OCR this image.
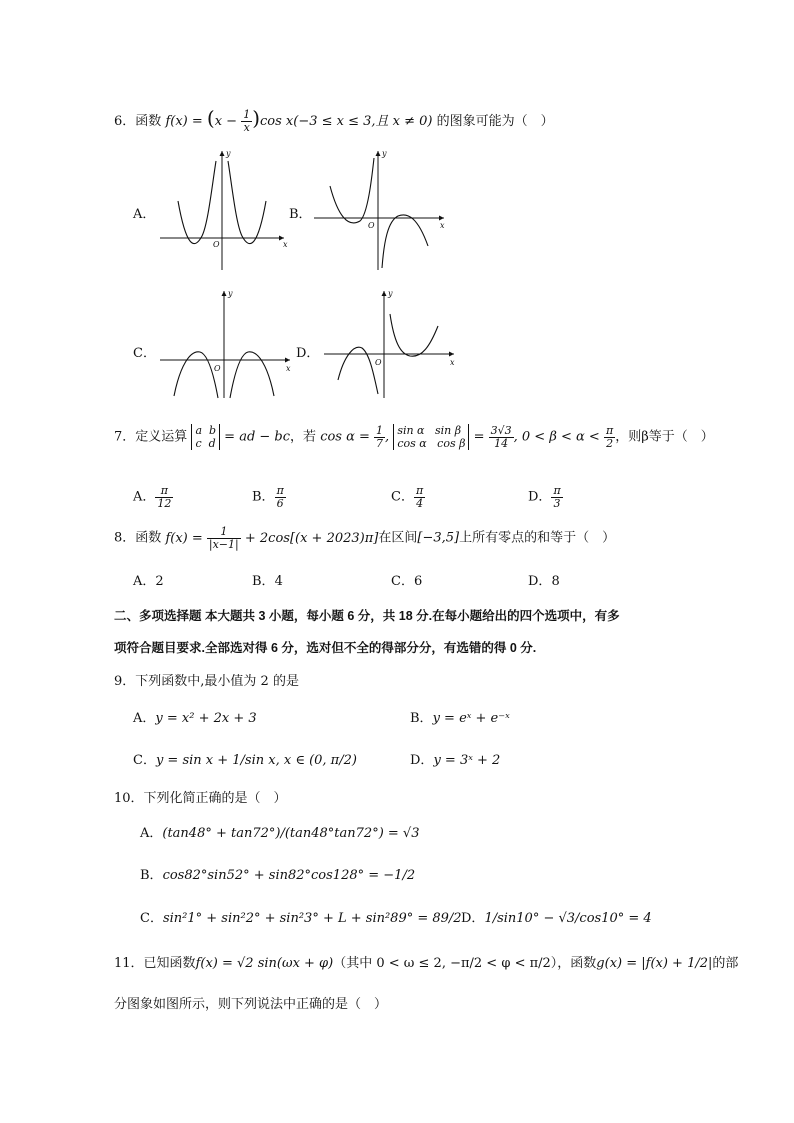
6．函数 $f(x) = (x - \frac{1}{x} )\cos$ x(−3 ≤ x ≤ 3,且 x ≠ 0) 的图象可能为（　）
A．
x
y
O
B．
x
y
O
C．
x
y
O
D．
x
y
O
7．定义运算 a  b
c  d = ad − bc，若 $\cos \alpha = \frac{1}{7}$ , sin α   sin β
cos α   $\cos \beta = \frac{3√3}{14}$ , $0 < \beta < \alpha < \frac{\pi}{2}$ ，则β等于（　）
A． $\frac{\pi}{12}$	B． $\frac{\pi}{6}$	C． $\frac{\pi}{4}$	D． $\frac{\pi}{3}$
8．函数 $f(x) = \frac{1}{|x-1|} + 2\cos[(x + 2023)\pi]$在区间[−3,5]上所有零点的和等于（　）
A．2	B．4	C．6	D．8
二、多项选择题 本大题共 3 小题，每小题 6 分，共 18 分.在每小题给出的四个选项中，有多
项符合题目要求.全部选对得 6 分，选对但不全的得部分分，有选错的得 0 分.
9．下列函数中,最小值为 2 的是
A．y = x² + 2x + 3	B．y = eˣ + e⁻ˣ
C．y = sin x + 1/sin x, x ∈ (0, π/2)	D．y = 3ˣ + 2
10．下列化简正确的是（　）
A．(tan48° + tan72°)/(tan48°tan72°) = √3
B．cos82°sin52° + sin82°cos128° = −1/2
C．sin²1° + sin²2° + sin²3° + L + sin²89° = 89/2 D．1/sin10° − √3/cos10° = 4
11．已知函数f(x) = √2 sin(ωx + φ)（其中 0 < ω ≤ 2, −π/2 < φ < π/2），函数g(x) = |f(x) + 1/2|的部
分图象如图所示，则下列说法中正确的是（　）
